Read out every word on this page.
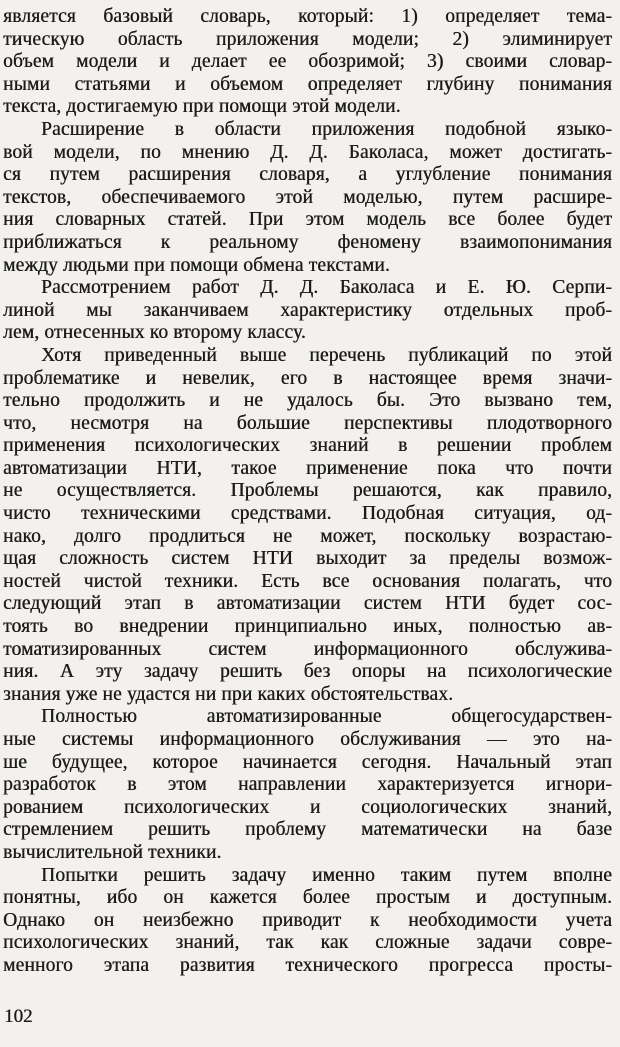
является базовый словарь, который: 1) определяет тема-
тическую область приложения модели; 2) элиминирует
объем модели и делает ее обозримой; 3) своими словар-
ными статьями и объемом определяет глубину понимания
текста, достигаемую при помощи этой модели.

Расширение в области приложения подобной языко-
вой модели, по мнению Д. Д. Баколаса, может достигать-
ся путем расширения словаря, а углубление понимания
текстов, обеспечиваемого этой моделью, путем расшире-
ния словарных статей. При этом модель все более будет
приближаться к реальному феномену взаимопонимания
между людьми при помощи обмена текстами.

Рассмотрением работ Д. Д. Баколаса и Е. Ю. Серпи-
линой мы заканчиваем характеристику отдельных проб-
лем, отнесенных ко второму классу.

Хотя приведенный выше перечень публикаций по этой
проблематике и невелик, его в настоящее время значи-
тельно продолжить и не удалось бы. Это вызвано тем,
что, несмотря на большие перспективы плодотворного
применения психологических знаний в решении проблем
автоматизации НТИ, такое применение пока что почти
не осуществляется. Проблемы решаются, как правило,
чисто техническими средствами. Подобная ситуация, од-
нако, долго продлиться не может, поскольку возрастаю-
щая сложность систем НТИ выходит за пределы возмож-
ностей чистой техники. Есть все основания полагать, что
следующий этап в автоматизации систем НТИ будет сос-
тоять во внедрении принципиально иных, полностью ав-
томатизированных систем информационного обслужива-
ния. А эту задачу решить без опоры на психологические
знания уже не удастся ни при каких обстоятельствах.

Полностью автоматизированные общегосударствен-
ные системы информационного обслуживания — это на-
ше будущее, которое начинается сегодня. Начальный этап
разработок в этом направлении характеризуется игнори-
рованием психологических и социологических знаний,
стремлением решить проблему математически на базе
вычислительной техники.

Попытки решить задачу именно таким путем вполне
понятны, ибо он кажется более простым и доступным.
Однако он неизбежно приводит к необходимости учета
психологических знаний, так как сложные задачи совре-
менного этапа развития технического прогресса просты-

102
